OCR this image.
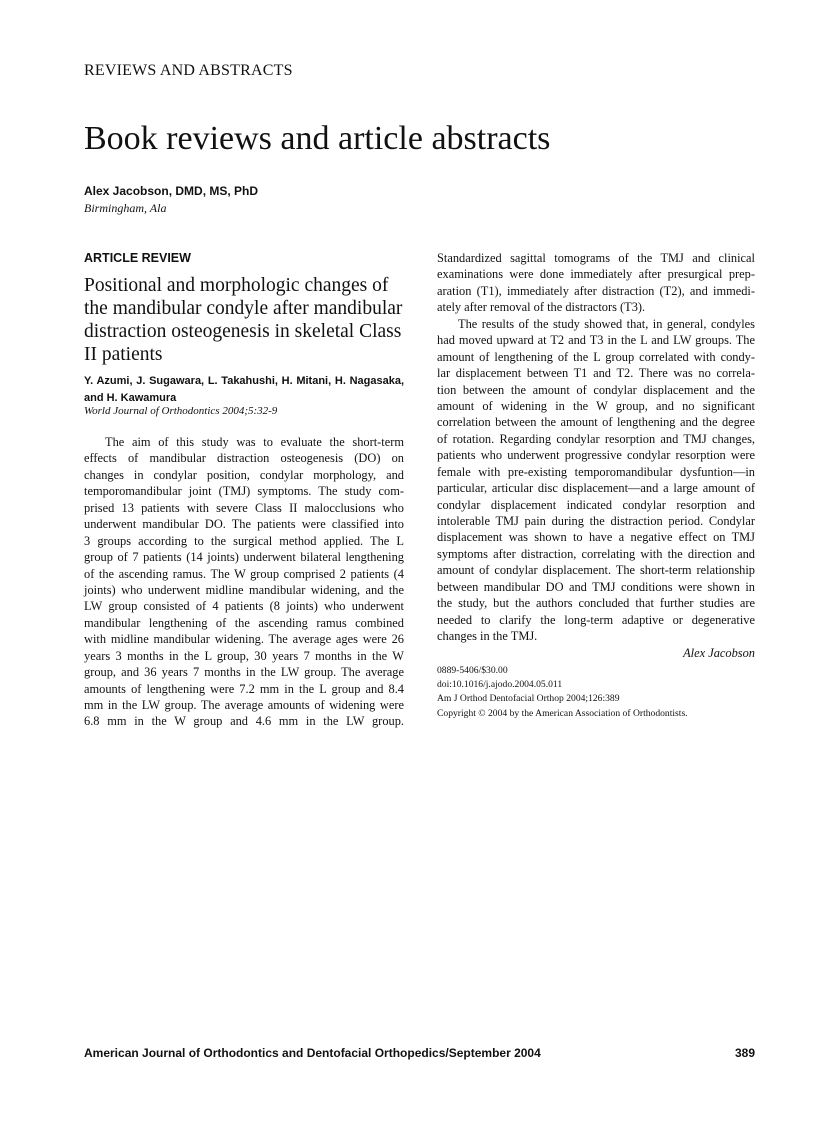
REVIEWS AND ABSTRACTS
Book reviews and article abstracts
Alex Jacobson, DMD, MS, PhD
Birmingham, Ala
ARTICLE REVIEW
Positional and morphologic changes of the mandibular condyle after mandibular distraction osteogenesis in skeletal Class II patients
Y. Azumi, J. Sugawara, L. Takahushi, H. Mitani, H. Nagasaka, and H. Kawamura
World Journal of Orthodontics 2004;5:32-9
The aim of this study was to evaluate the short-term
effects of mandibular distraction osteogenesis (DO) on
changes in condylar position, condylar morphology, and
temporomandibular joint (TMJ) symptoms. The study com-
prised 13 patients with severe Class II malocclusions who
underwent mandibular DO. The patients were classified into
3 groups according to the surgical method applied. The L
group of 7 patients (14 joints) underwent bilateral lengthening
of the ascending ramus. The W group comprised 2 patients (4
joints) who underwent midline mandibular widening, and the
LW group consisted of 4 patients (8 joints) who underwent
mandibular lengthening of the ascending ramus combined
with midline mandibular widening. The average ages were 26
years 3 months in the L group, 30 years 7 months in the W
group, and 36 years 7 months in the LW group. The average
amounts of lengthening were 7.2 mm in the L group and 8.4
mm in the LW group. The average amounts of widening were
6.8 mm in the W group and 4.6 mm in the LW group.
Standardized sagittal tomograms of the TMJ and clinical
examinations were done immediately after presurgical prep-
aration (T1), immediately after distraction (T2), and immedi-
ately after removal of the distractors (T3).
The results of the study showed that, in general, condyles
had moved upward at T2 and T3 in the L and LW groups. The
amount of lengthening of the L group correlated with condy-
lar displacement between T1 and T2. There was no correla-
tion between the amount of condylar displacement and the
amount of widening in the W group, and no significant
correlation between the amount of lengthening and the degree
of rotation. Regarding condylar resorption and TMJ changes,
patients who underwent progressive condylar resorption were
female with pre-existing temporomandibular dysfuntion—in
particular, articular disc displacement—and a large amount of
condylar displacement indicated condylar resorption and
intolerable TMJ pain during the distraction period. Condylar
displacement was shown to have a negative effect on TMJ
symptoms after distraction, correlating with the direction and
amount of condylar displacement. The short-term relationship
between mandibular DO and TMJ conditions were shown in
the study, but the authors concluded that further studies are
needed to clarify the long-term adaptive or degenerative
changes in the TMJ.
Alex Jacobson
0889-5406/$30.00
doi:10.1016/j.ajodo.2004.05.011
Am J Orthod Dentofacial Orthop 2004;126:389
Copyright © 2004 by the American Association of Orthodontists.
American Journal of Orthodontics and Dentofacial Orthopedics/September 2004	389
